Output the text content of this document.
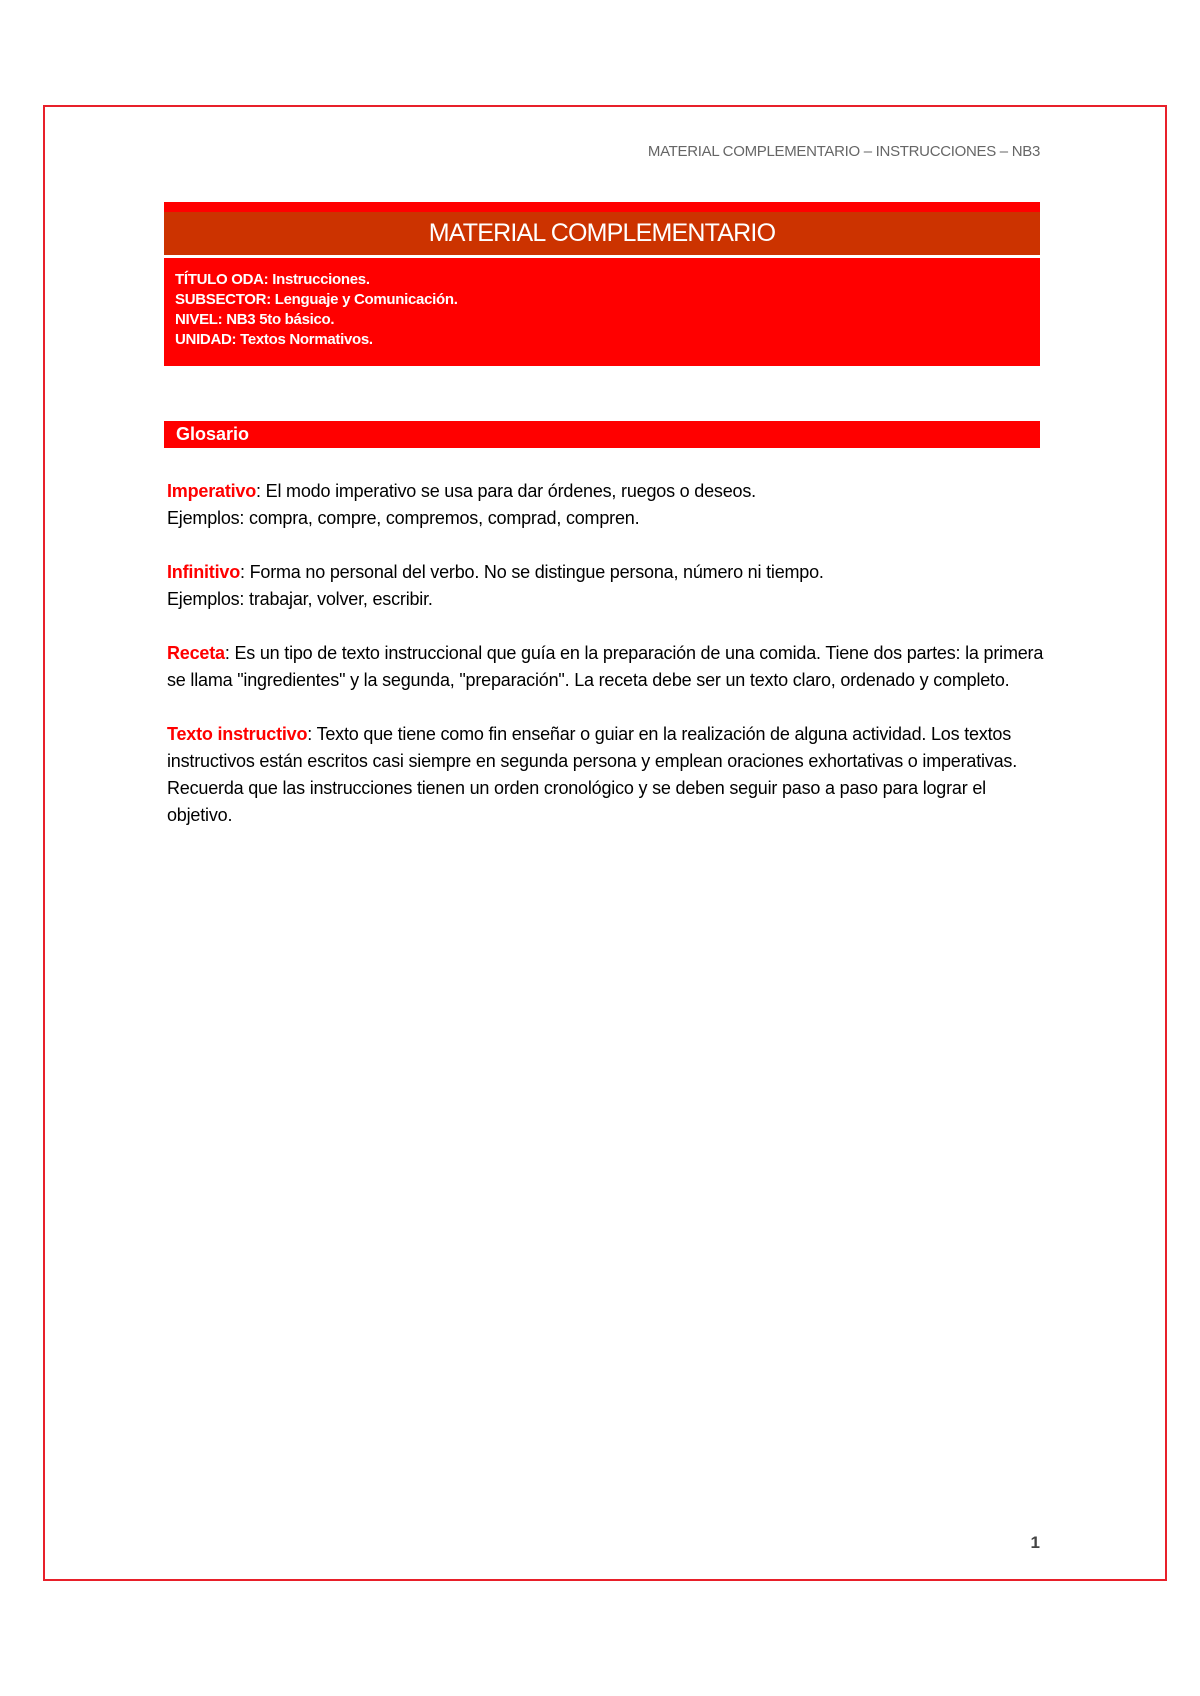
MATERIAL COMPLEMENTARIO – INSTRUCCIONES – NB3
MATERIAL COMPLEMENTARIO
TÍTULO ODA: Instrucciones.
SUBSECTOR: Lenguaje y Comunicación.
NIVEL: NB3 5to básico.
UNIDAD: Textos Normativos.
Glosario
Imperativo: El modo imperativo se usa para dar órdenes, ruegos o deseos.
Ejemplos: compra, compre, compremos, comprad, compren.
Infinitivo: Forma no personal del verbo. No se distingue persona, número ni tiempo.
Ejemplos: trabajar, volver, escribir.
Receta: Es un tipo de texto instruccional que guía en la preparación de una comida. Tiene dos partes: la primera se llama "ingredientes" y la segunda, "preparación". La receta debe ser un texto claro, ordenado y completo.
Texto instructivo: Texto que tiene como fin enseñar o guiar en la realización de alguna actividad. Los textos instructivos están escritos casi siempre en segunda persona y emplean oraciones exhortativas o imperativas.
Recuerda que las instrucciones tienen un orden cronológico y se deben seguir paso a paso para lograr el objetivo.
1
